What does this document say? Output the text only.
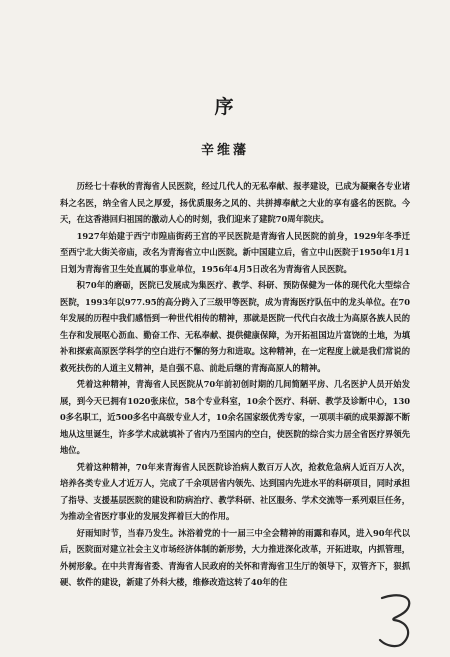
序
辛维藩

历经七十春秋的青海省人民医院，经过几代人的无私奉献、报孝建设，已成为凝聚各专业诸科之名医，纳全省人民之厚爱，扬优质服务之风的、共拼搏奉献之大业的享有盛名的医院。今天，在这香港回归祖国的激动人心的时刻，我们迎来了建院70周年院庆。

1927年始建于西宁市隍庙街药王宫的平民医院是青海省人民医院的前身，1929年冬季迁至西宁北大街关帝庙，改名为青海省立中山医院。新中国建立后，省立中山医院于1950年1月1日划为青海省卫生处直属的事业单位，1956年4月5日改名为青海省人民医院。

积70年的磨砺，医院已发展成为集医疗、教学、科研、预防保健为一体的现代化大型综合医院，1993年以977.95的高分跨入了三级甲等医院，成为青海医疗队伍中的龙头单位。在70年发展的历程中我们感悟到一种世代相传的精神，那就是医院一代代白衣战士为高原各族人民的生存和发展呕心沥血、勤奋工作、无私奉献、提供健康保障，为开拓祖国边片富饶的土地，为填补和探索高原医学科学的空白进行不懈的努力和进取。这种精神，在一定程度上就是我们常说的救死扶伤的人道主义精神，是自强不息、前赴后继的青海高原人的精神。

凭着这种精神，青海省人民医院从70年前初创时期的几间简陋平房、几名医护人员开始发展，到今天已拥有1020张床位，58个专业科室，10余个医疗、科研、教学及诊断中心，1300多名职工，近500多名中高级专业人才，10余名国家级优秀专家，一项项丰硕的成果源源不断地从这里诞生，许多学术成就填补了省内乃至国内的空白，使医院的综合实力居全省医疗界领先地位。

凭着这种精神，70年来青海省人民医院诊治病人数百万人次，抢救危急病人近百万人次，培养各类专业人才近万人，完成了千余项居省内领先、达到国内先进水平的科研项目，同时承担了指导、支援基层医院的建设和防病治疗、教学科研、社区服务、学术交流等一系列艰巨任务，为推动全省医疗事业的发展发挥着巨大的作用。

好雨知时节，当春乃发生。沐浴着党的十一届三中全会精神的雨露和春风，进入90年代以后，医院面对建立社会主义市场经济体制的新形势，大力推进深化改革，开拓进取，内抓管理，外树形象。在中共青海省委、青海省人民政府的关怀和青海省卫生厅的领导下，双管齐下，狠抓硬、软件的建设，新建了外科大楼，维修改造这转了40年的住
